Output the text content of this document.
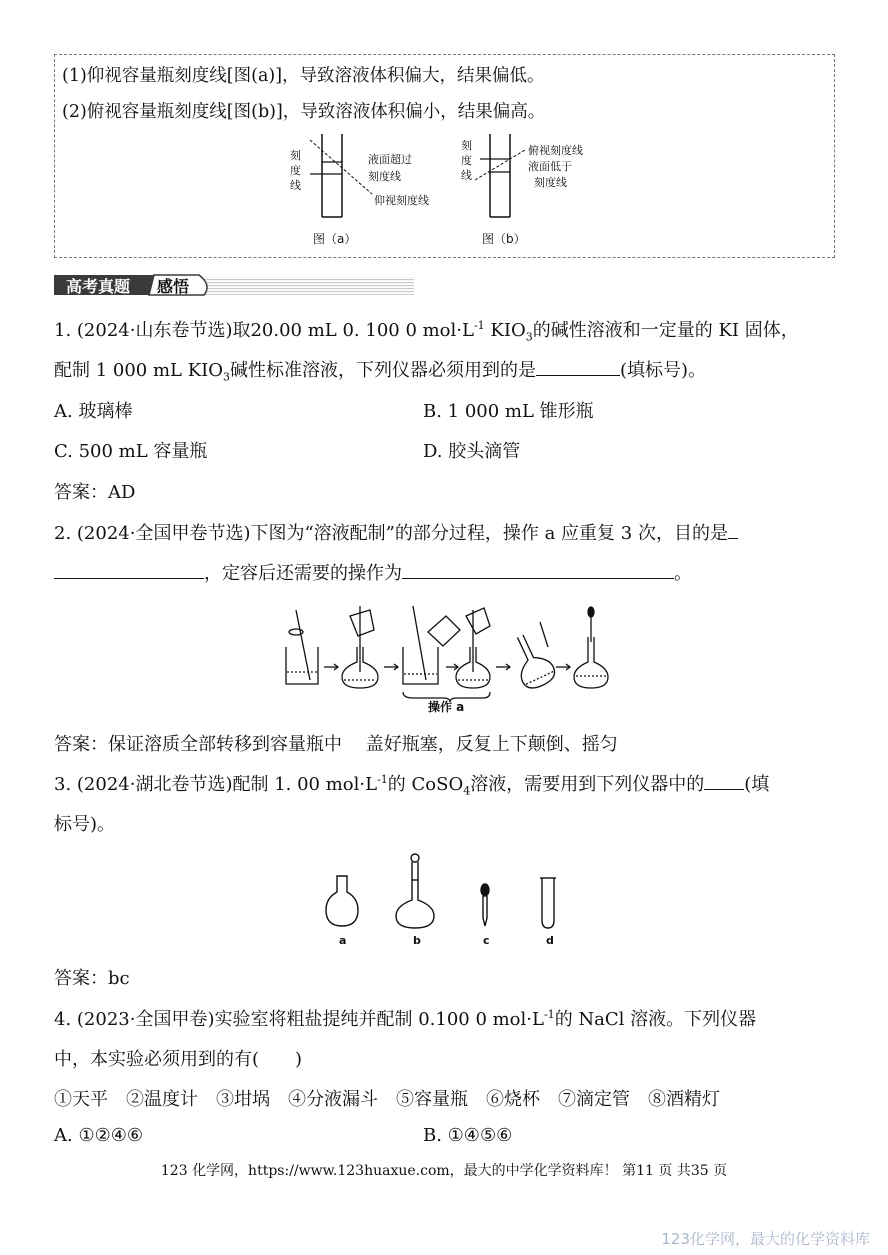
(1)仰视容量瓶刻度线[图(a)]，导致溶液体积偏大，结果偏低。
(2)俯视容量瓶刻度线[图(b)]，导致溶液体积偏小，结果偏高。
刻
度
线
液面超过
刻度线
仰视刻度线
图（a）
刻
度
线
俯视刻度线
液面低于
刻度线
图（b）
高考真题 感悟
1. (2024·山东卷节选)取20.00 mL 0. 100 0 $mol\cdot L^{-1}$ $KIO_3$的碱性溶液和一定量的 KI 固体，
配制 1 000 mL $KIO_3$碱性标准溶液，下列仪器必须用到的是	(填标号)。
A. 玻璃棒	B. 1 000 mL 锥形瓶
C. 500 mL 容量瓶	D. 胶头滴管
答案：AD
2. (2024·全国甲卷节选)下图为“溶液配制”的部分过程，操作 a 应重复 3 次，目的是
，定容后还需要的操作为	。
操作 a
答案：保证溶质全部转移到容量瓶中　 盖好瓶塞，反复上下颠倒、摇匀
3. (2024·湖北卷节选)配制 1. 00 $mol\cdot L^{-1}$的 CoSO$_4$溶液，需要用到下列仪器中的 (填
标号)。
a	b	c	d
答案：bc
4. (2023·全国甲卷)实验室将粗盐提纯并配制 0.100 0 $mol\cdot L^{-1}$的 NaCl 溶液。下列仪器
中，本实验必须用到的有(　　)
①天平　 ②温度计　 ③坩埚　 ④分液漏斗　 ⑤容量瓶　 ⑥烧杯　 ⑦滴定管　 ⑧酒精灯
A. ①②④⑥	B. ①④⑤⑥
123 化学网，https://www.123huaxue.com，最大的中学化学资料库！ 第11 页 共35 页
123化学网，最大的化学资料库
